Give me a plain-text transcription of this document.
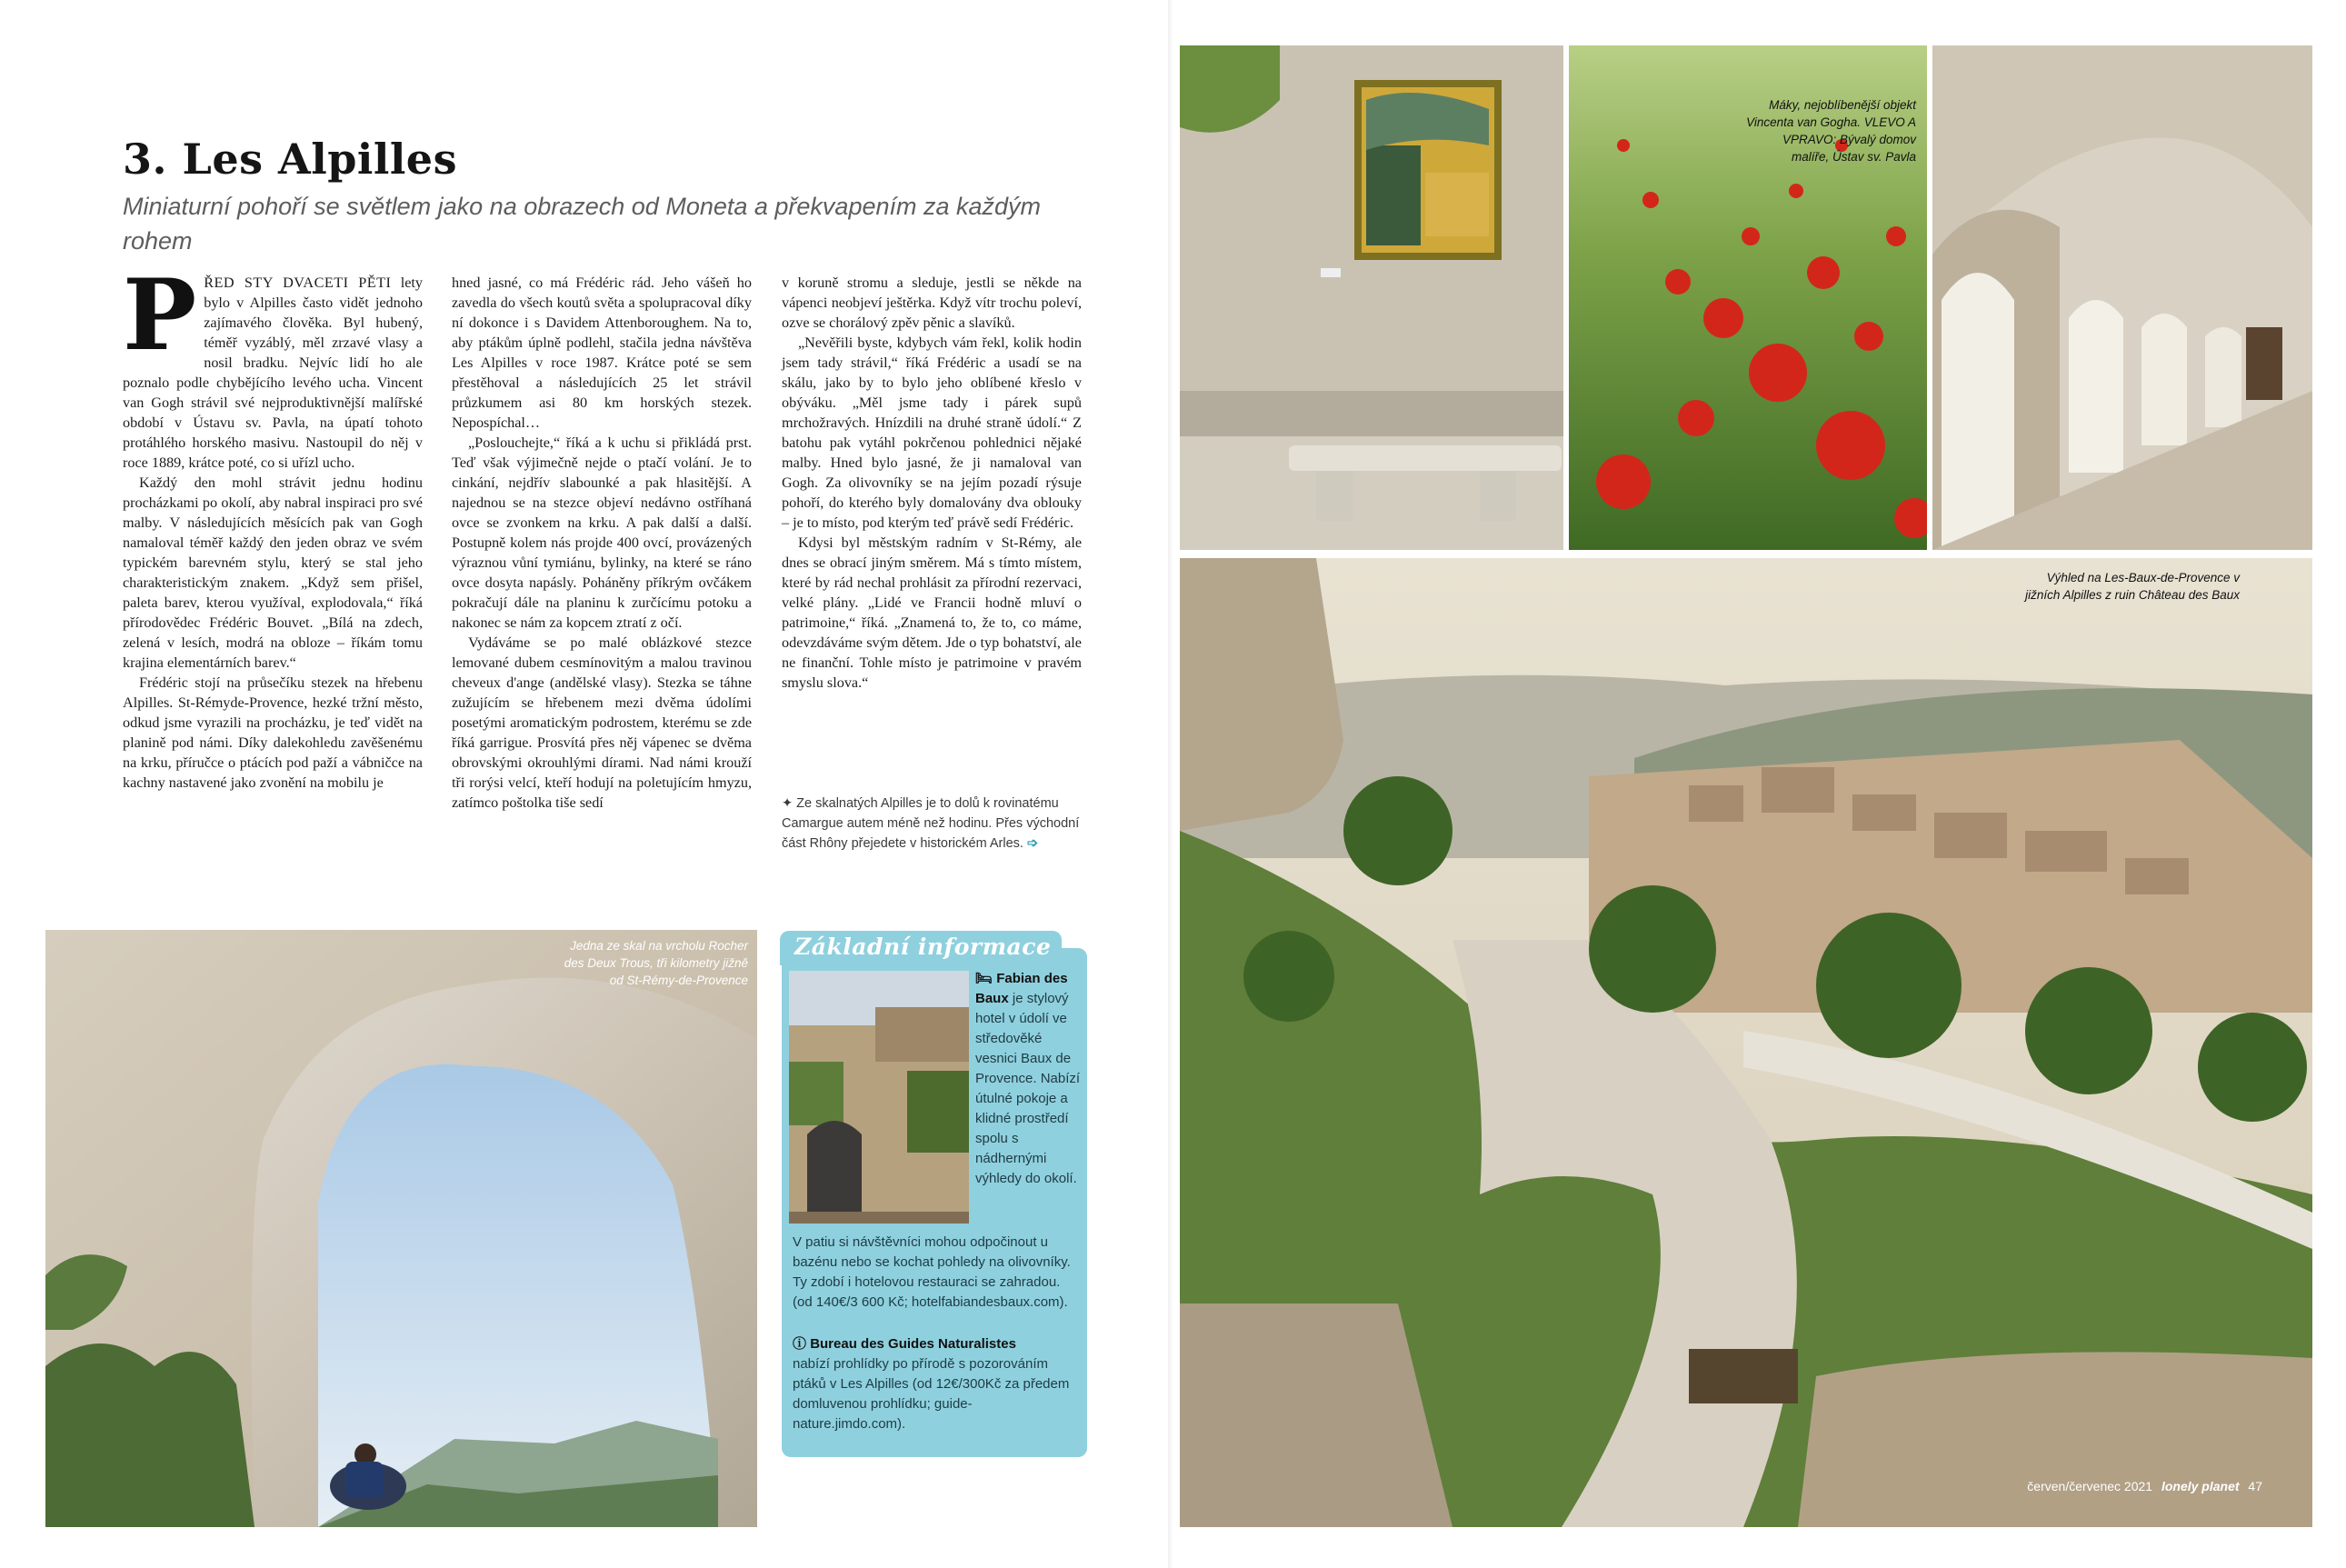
3. Les Alpilles
Miniaturní pohoří se světlem jako na obrazech od Moneta a překvapením za každým rohem

P ŘED STY DVACETI PĚTI lety bylo v Alpilles často vidět jednoho zajímavého člověka. Byl hubený, téměř vyzáblý, měl zrzavé vlasy a nosil bradku. Nejvíc lidí ho ale poznalo podle chybějícího levého ucha. Vincent van Gogh strávil své nejproduktivnější malířské období v Ústavu sv. Pavla, na úpatí tohoto protáhlého horského masivu. Nastoupil do něj v roce 1889, krátce poté, co si uřízl ucho.

Každý den mohl strávit jednu hodinu procházkami po okolí, aby nabral inspiraci pro své malby. V následujících měsících pak van Gogh namaloval téměř každý den jeden obraz ve svém typickém barevném stylu, který se stal jeho charakteristickým znakem. „Když sem přišel, paleta barev, kterou využíval, explodovala,“ říká přírodovědec Frédéric Bouvet. „Bílá na zdech, zelená v lesích, modrá na obloze – říkám tomu krajina elementárních barev.“

Frédéric stojí na průsečíku stezek na hřebenu Alpilles. St-Rémyde-Provence, hezké tržní město, odkud jsme vyrazili na procházku, je teď vidět na planině pod námi. Díky dalekohledu zavěšenému na krku, příručce o ptácích pod paží a vábničce na kachny nastavené jako zvonění na mobilu je

hned jasné, co má Frédéric rád. Jeho vášeň ho zavedla do všech koutů světa a spolupracoval díky ní dokonce i s Davidem Attenboroughem. Na to, aby ptákům úplně podlehl, stačila jedna návštěva Les Alpilles v roce 1987. Krátce poté se sem přestěhoval a následujících 25 let strávil průzkumem asi 80 km horských stezek. Nepospíchal…

„Poslouchejte,“ říká a k uchu si přikládá prst. Teď však výjimečně nejde o ptačí volání. Je to cinkání, nejdřív slabounké a pak hlasitější. A najednou se na stezce objeví nedávno ostříhaná ovce se zvonkem na krku. A pak další a další. Postupně kolem nás projde 400 ovcí, provázených výraznou vůní tymiánu, bylinky, na které se ráno ovce dosyta napásly. Poháněny příkrým ovčákem pokračují dále na planinu k zurčícímu potoku a nakonec se nám za kopcem ztratí z očí.

Vydáváme se po malé oblázkové stezce lemované dubem cesmínovitým a malou travinou cheveux d'ange (andělské vlasy). Stezka se táhne zužujícím se hřebenem mezi dvěma údolími posetými aromatickým podrostem, kterému se zde říká garrigue. Prosvítá přes něj vápenec se dvěma obrovskými okrouhlými dírami. Nad námi krouží tři rorýsi velcí, kteří hodují na poletujícím hmyzu, zatímco poštolka tiše sedí

v koruně stromu a sleduje, jestli se někde na vápenci neobjeví ještěrka. Když vítr trochu poleví, ozve se chorálový zpěv pěnic a slavíků.

„Nevěřili byste, kdybych vám řekl, kolik hodin jsem tady strávil,“ říká Frédéric a usadí se na skálu, jako by to bylo jeho oblíbené křeslo v obýváku. „Měl jsme tady i párek supů mrchožravých. Hnízdili na druhé straně údolí.“ Z batohu pak vytáhl pokrčenou pohlednici nějaké malby. Hned bylo jasné, že ji namaloval van Gogh. Za olivovníky se na jejím pozadí rýsuje pohoří, do kterého byly domalovány dva oblouky – je to místo, pod kterým teď právě sedí Frédéric.

Kdysi byl městským radním v St-Rémy, ale dnes se obrací jiným směrem. Má s tímto místem, které by rád nechal prohlásit za přírodní rezervaci, velké plány. „Lidé ve Francii hodně mluví o patrimoine,“ říká. „Znamená to, že to, co máme, odevzdáváme svým dětem. Jde o typ bohatství, ale ne finanční. Tohle místo je patrimoine v pravém smyslu slova.“

✦ Ze skalnatých Alpilles je to dolů k rovinatému Camargue autem méně než hodinu. Přes východní část Rhôny přejedete v historickém Arles. ➩
Jedna ze skal na vrcholu Rocher des Deux Trous, tři kilometry jižně od St-Rémy-de-Provence
Základní informace
🛏 Fabian des Baux je stylový hotel v údolí ve středověké vesnici Baux de Provence. Nabízí útulné pokoje a klidné prostředí spolu s nádhernými výhledy do okolí.
V patiu si návštěvníci mohou odpočinout u bazénu nebo se kochat pohledy na olivovníky. Ty zdobí i hotelovou restauraci se zahradou. (od 140€/3 600 Kč; hotelfabiandesbaux.com).
ⓘ Bureau des Guides Naturalistes
nabízí prohlídky po přírodě s pozorováním ptáků v Les Alpilles (od 12€/300Kč za předem domluvenou prohlídku; guide-nature.jimdo.com).
Máky, nejoblíbenější objekt Vincenta van Gogha. VLEVO A VPRAVO: Bývalý domov malíře, Ústav sv. Pavla
Výhled na Les-Baux-de-Provence v jižních Alpilles z ruin Château des Baux
červen/červenec 2021 lonely planet 47
